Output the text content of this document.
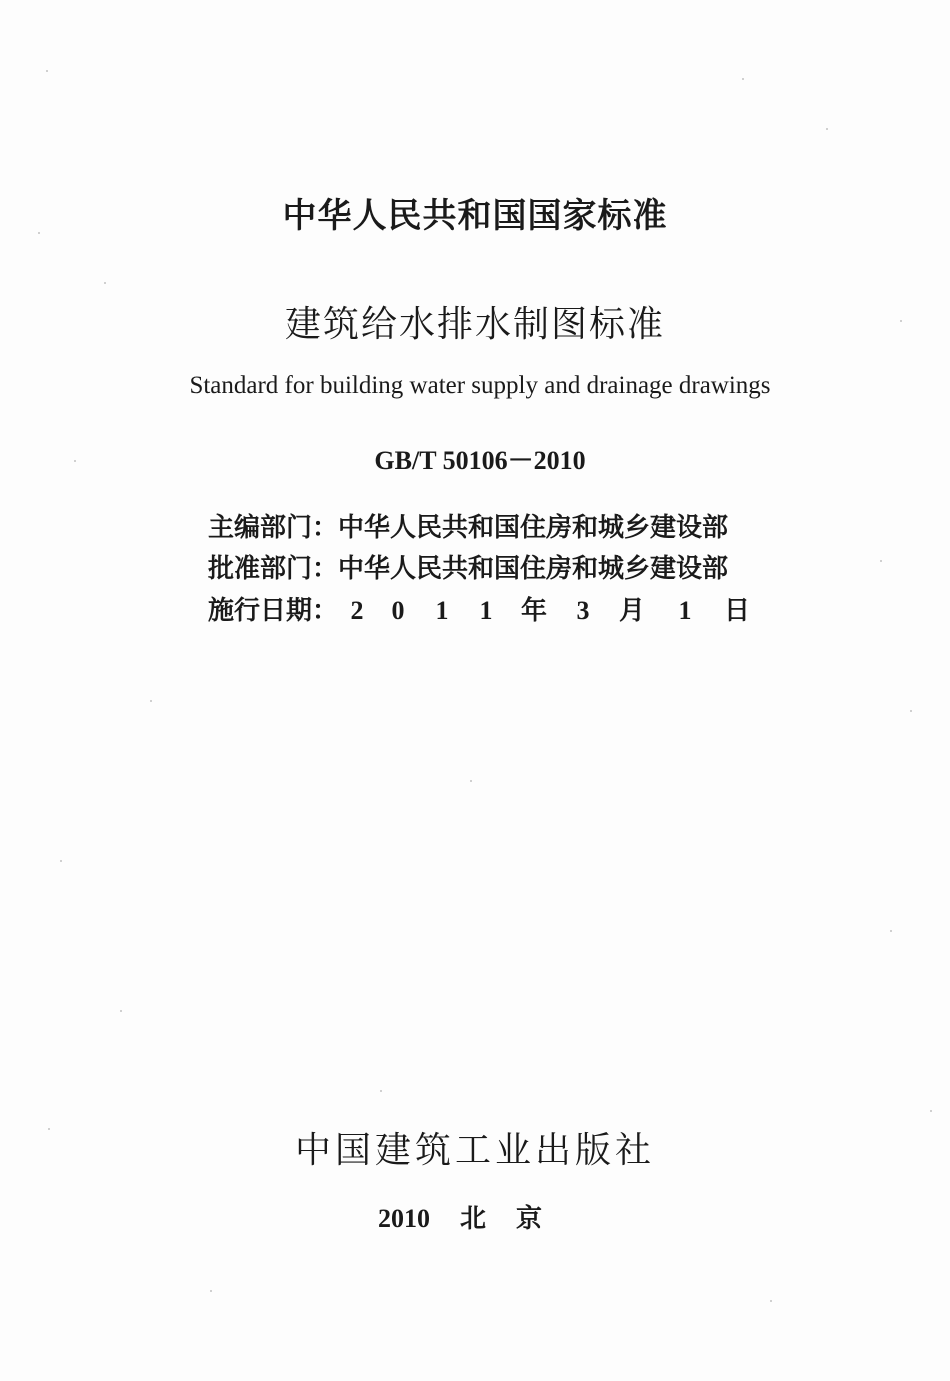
中华人民共和国国家标准
建筑给水排水制图标准
Standard for building water supply and drainage drawings
GB/T 50106－2010
主编部门：中华人民共和国住房和城乡建设部
批准部门：中华人民共和国住房和城乡建设部
施行日期： 2 0 1 1 年 3 月 1 日
中国建筑工业出版社
2010 北京
